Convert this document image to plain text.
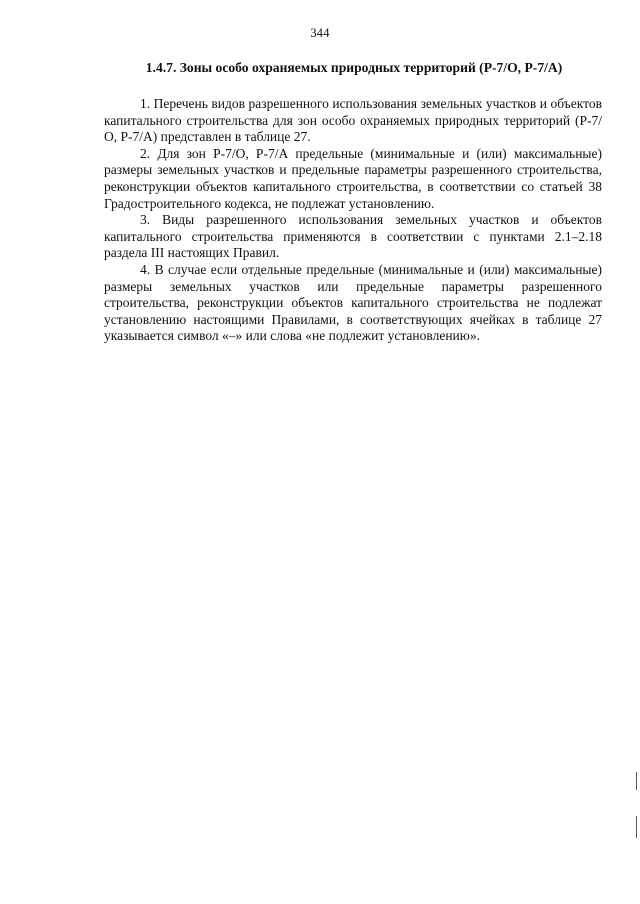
344
1.4.7. Зоны особо охраняемых природных территорий (Р-7/О, Р-7/А)

1. Перечень видов разрешенного использования земельных участков и объектов капитального строительства для зон особо охраняемых природных территорий (Р-7/О, Р-7/А) представлен в таблице 27.

2. Для зон Р-7/О, Р-7/А предельные (минимальные и (или) максимальные) размеры земельных участков и предельные параметры разрешенного строительства, реконструкции объектов капитального строительства, в соответствии со статьей 38 Градостроительного кодекса, не подлежат установлению.

3. Виды разрешенного использования земельных участков и объектов капитального строительства применяются в соответствии с пунктами 2.1–2.18 раздела III настоящих Правил.

4. В случае если отдельные предельные (минимальные и (или) максимальные) размеры земельных участков или предельные параметры разрешенного строительства, реконструкции объектов капитального строительства не подлежат установлению настоящими Правилами, в соответствующих ячейках в таблице 27 указывается символ «–» или слова «не подлежит установлению».
